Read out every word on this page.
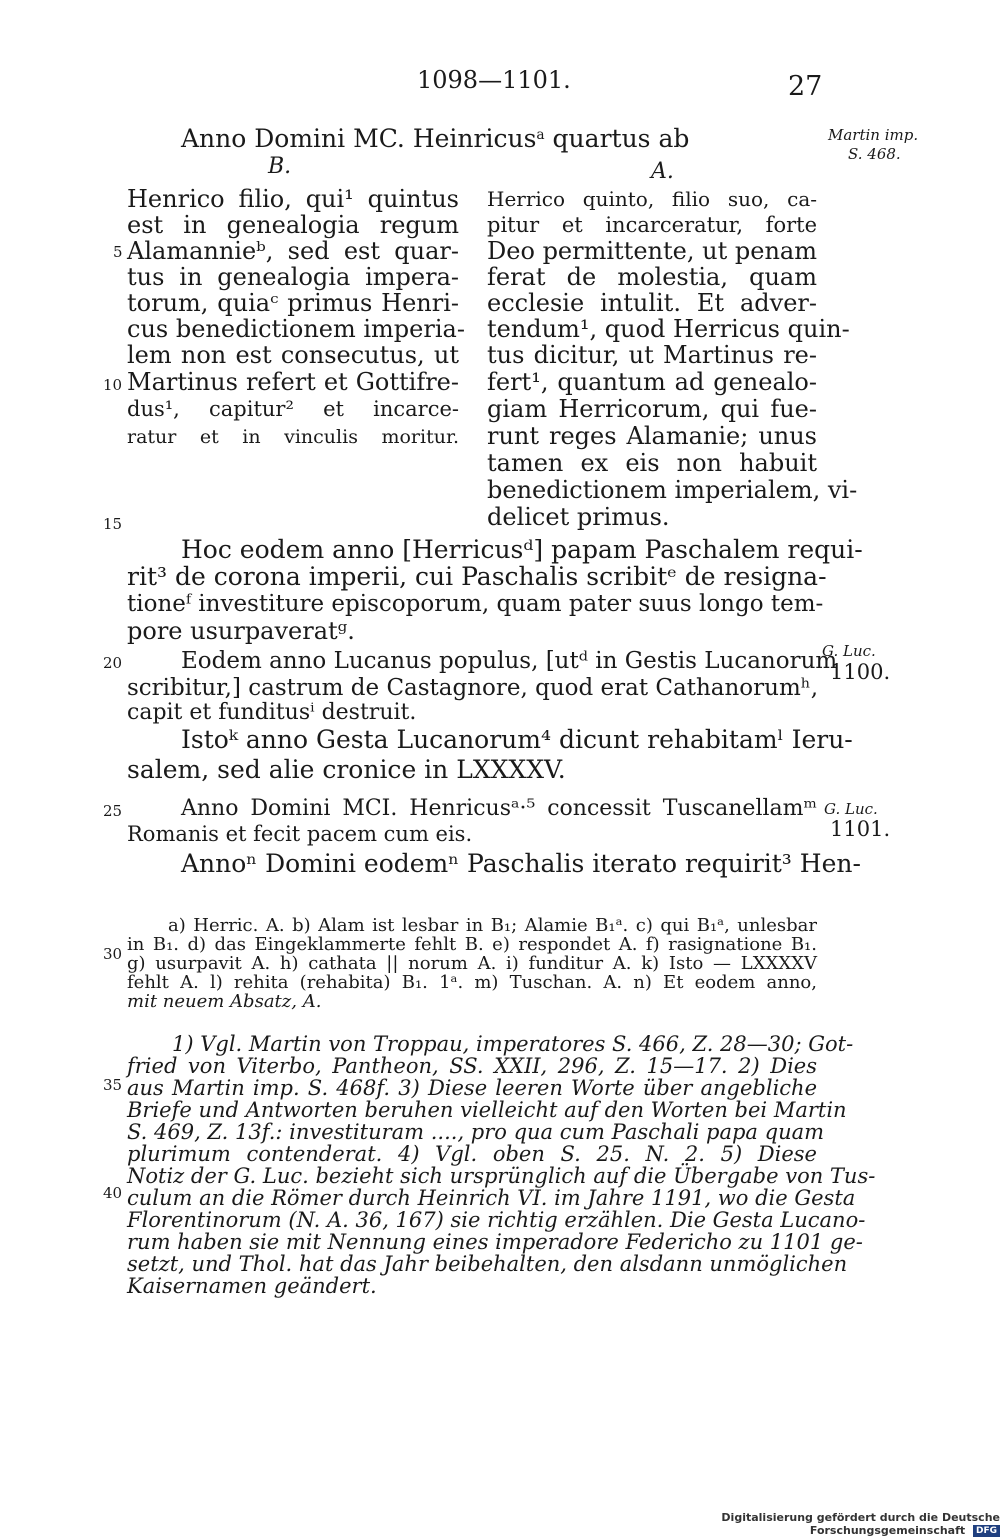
1098—1101.	27
Martin imp.
S. 468.
G. Luc.
1100.
G. Luc.
1101.
5
10
15
20
25
30
35
40
Anno Domini MC. Heinricus$^a$ quartus ab
B.	A.
Henrico filio, qui¹ quintus
est in genealogia regum
Alamannieᵇ, sed est quar-
tus in genealogia impera-
torum, quiaᶜ primus Henri-
cus benedictionem imperia-
lem non est consecutus, ut
Martinus refert et Gottifre-
dus¹, capitur² et incarce-
ratur et in vinculis moritur.
Herrico quinto, filio suo, ca-
pitur et incarceratur, forte
Deo permittente, ut penam
ferat de molestia, quam
ecclesie intulit. Et adver-
tendum¹, quod Herricus quin-
tus dicitur, ut Martinus re-
fert¹, quantum ad genealo-
giam Herricorum, qui fue-
runt reges Alamanie; unus
tamen ex eis non habuit
benedictionem imperialem, vi-
delicet primus.
Hoc eodem anno [Herricusᵈ] papam Paschalem requi-
rit³ de corona imperii, cui Paschalis scribitᵉ de resigna-
tioneᶠ investiture episcoporum, quam pater suus longo tem-
pore usurpaveratᵍ.
Eodem anno Lucanus populus, [utᵈ in Gestis Lucanorum
scribitur,] castrum de Castagnore, quod erat Cathanorumʰ,
capit et funditusⁱ destruit.
Istoᵏ anno Gesta Lucanorum⁴ dicunt rehabitamˡ Ieru-
salem, sed alie cronice in LXXXXV.
Anno Domini MCI. Henricusᵃ·⁵ concessit Tuscanellamᵐ
Romanis et fecit pacem cum eis.
Annoⁿ Domini eodemⁿ Paschalis iterato requirit³ Hen-
a) Herric. A. b) Alam ist lesbar in B₁; Alamie B₁ᵃ. c) qui B₁ᵃ, unlesbar
in B₁. d) das Eingeklammerte fehlt B. e) respondet A. f) rasignatione B₁.
g) usurpavit A. h) cathata || norum A. i) funditur A. k) Isto — LXXXXV
fehlt A. l) rehita (rehabita) B₁. 1ᵃ. m) Tuschan. A. n) Et eodem anno,
mit neuem Absatz, A.
1) Vgl. Martin von Troppau, imperatores S. 466, Z. 28—30; Got-
fried von Viterbo, Pantheon, SS. XXII, 296, Z. 15—17. 2) Dies
aus Martin imp. S. 468f. 3) Diese leeren Worte über angebliche
Briefe und Antworten beruhen vielleicht auf den Worten bei Martin
S. 469, Z. 13f.: investituram ...., pro qua cum Paschali papa quam
plurimum contenderat. 4) Vgl. oben S. 25. N. 2. 5) Diese
Notiz der G. Luc. bezieht sich ursprünglich auf die Übergabe von Tus-
culum an die Römer durch Heinrich VI. im Jahre 1191, wo die Gesta
Florentinorum (N. A. 36, 167) sie richtig erzählen. Die Gesta Lucano-
rum haben sie mit Nennung eines imperadore Federicho zu 1101 ge-
setzt, und Thol. hat das Jahr beibehalten, den alsdann unmöglichen
Kaisernamen geändert.
Digitalisierung gefördert durch die Deutsche Forschungsgemeinschaft DFG
